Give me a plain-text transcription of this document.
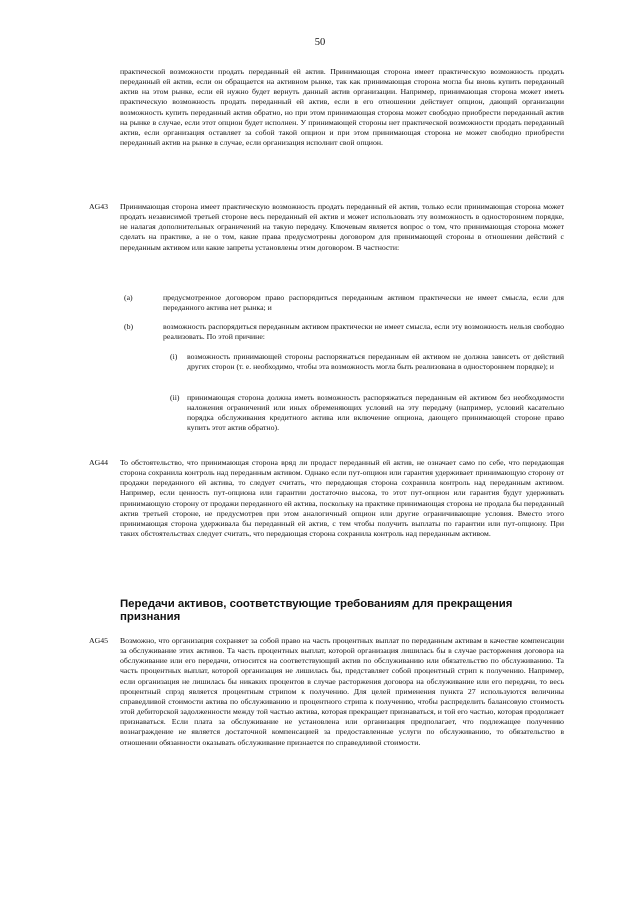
50
практической возможности продать переданный ей актив. Принимающая сторона имеет практическую возможность продать переданный ей актив, если он обращается на активном рынке, так как принимающая сторона могла бы вновь купить переданный актив на этом рынке, если ей нужно будет вернуть данный актив организации. Например, принимающая сторона может иметь практическую возможность продать переданный ей актив, если в его отношении действует опцион, дающий организации возможность купить переданный актив обратно, но при этом принимающая сторона может свободно приобрести переданный актив на рынке в случае, если этот опцион будет исполнен. У принимающей стороны нет практической возможности продать переданный актив, если организация оставляет за собой такой опцион и при этом принимающая сторона не может свободно приобрести переданный актив на рынке в случае, если организация исполнит свой опцион.
AG43 Принимающая сторона имеет практическую возможность продать переданный ей актив, только если принимающая сторона может продать независимой третьей стороне весь переданный ей актив и может использовать эту возможность в одностороннем порядке, не налагая дополнительных ограничений на такую передачу. Ключевым является вопрос о том, что принимающая сторона может сделать на практике, а не о том, какие права предусмотрены договором для принимающей стороны в отношении действий с переданным активом или какие запреты установлены этим договором. В частности:
(a)	предусмотренное договором право распорядиться переданным активом практически не имеет смысла, если для переданного актива нет рынка; и
(b)	возможность распорядиться переданным активом практически не имеет смысла, если эту возможность нельзя свободно реализовать. По этой причине:
(i) возможность принимающей стороны распоряжаться переданным ей активом не должна зависеть от действий других сторон (т. е. необходимо, чтобы эта возможность могла быть реализована в одностороннем порядке); и
(ii) принимающая сторона должна иметь возможность распоряжаться переданным ей активом без необходимости наложения ограничений или иных обременяющих условий на эту передачу (например, условий касательно порядка обслуживания кредитного актива или включение опциона, дающего принимающей стороне право купить этот актив обратно).
AG44 То обстоятельство, что принимающая сторона вряд ли продаст переданный ей актив, не означает само по себе, что передающая сторона сохранила контроль над переданным активом. Однако если пут-опцион или гарантия удерживает принимающую сторону от продажи переданного ей актива, то следует считать, что передающая сторона сохранила контроль над переданным активом. Например, если ценность пут-опциона или гарантии достаточно высока, то этот пут-опцион или гарантия будут удерживать принимающую сторону от продажи переданного ей актива, поскольку на практике принимающая сторона не продала бы переданный актив третьей стороне, не предусмотрев при этом аналогичный опцион или другие ограничивающие условия. Вместо этого принимающая сторона удерживала бы переданный ей актив, с тем чтобы получить выплаты по гарантии или пут-опциону. При таких обстоятельствах следует считать, что передающая сторона сохранила контроль над переданным активом.
Передачи активов, соответствующие требованиям для прекращения признания
AG45 Возможно, что организация сохраняет за собой право на часть процентных выплат по переданным активам в качестве компенсации за обслуживание этих активов. Та часть процентных выплат, которой организация лишилась бы в случае расторжения договора на обслуживание или его передачи, относится на соответствующий актив по обслуживанию или обязательство по обслуживанию. Та часть процентных выплат, которой организация не лишилась бы, представляет собой процентный стрип к получению. Например, если организация не лишилась бы никаких процентов в случае расторжения договора на обслуживание или его передачи, то весь процентный спрэд является процентным стрипом к получению. Для целей применения пункта 27 используются величины справедливой стоимости актива по обслуживанию и процентного стрипа к получению, чтобы распределить балансовую стоимость этой дебиторской задолженности между той частью актива, которая прекращает признаваться, и той его частью, которая продолжает признаваться. Если плата за обслуживание не установлена или организация предполагает, что подлежащее получению вознаграждение не является достаточной компенсацией за предоставленные услуги по обслуживанию, то обязательство в отношении обязанности оказывать обслуживание признается по справедливой стоимости.
